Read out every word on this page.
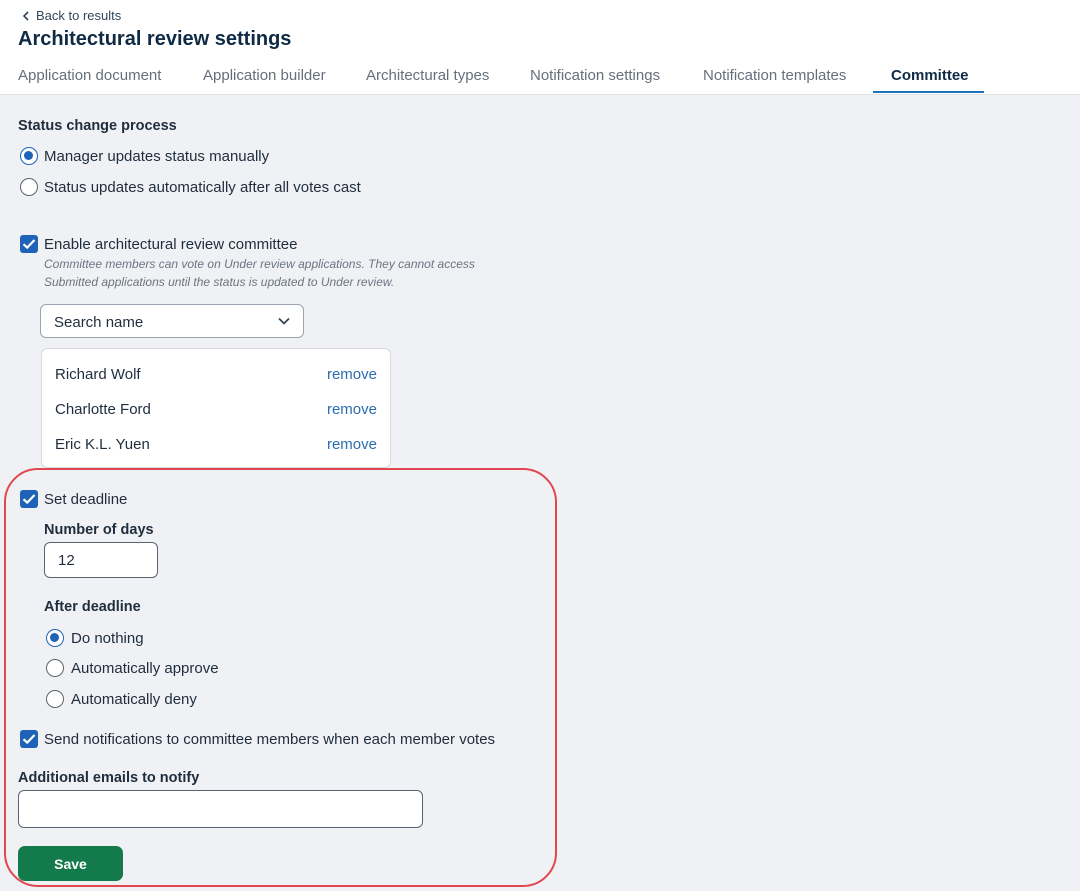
Back to results
Architectural review settings
Application document	Application builder	Architectural types	Notification settings	Notification templates	Committee
Status change process
Manager updates status manually
Status updates automatically after all votes cast
Enable architectural review committee
Committee members can vote on Under review applications. They cannot access
Submitted applications until the status is updated to Under review.
Search name
Richard Wolf	remove
Charlotte Ford	remove
Eric K.L. Yuen	remove
Set deadline
Number of days
12
After deadline
Do nothing
Automatically approve
Automatically deny
Send notifications to committee members when each member votes
Additional emails to notify
Save
